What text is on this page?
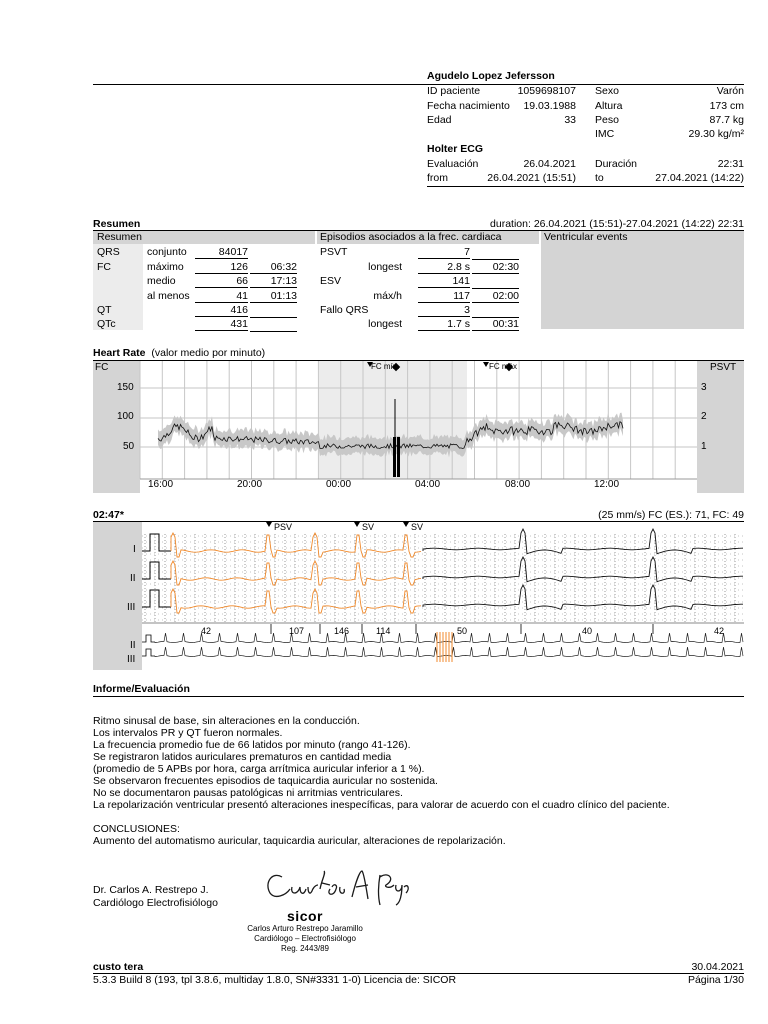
Agudelo Lopez Jefersson
ID paciente	1059698107 Sexo	Varón
Fecha nacimiento	19.03.1988 Altura	173 cm
Edad	33 Peso	87.7 kg
IMC	29.30 kg/m²
Holter ECG
Evaluación	26.04.2021 Duración	22:31
from	26.04.2021 (15:51) to	27.04.2021 (14:22)
Resumen	duration: 26.04.2021 (15:51)-27.04.2021 (14:22) 22:31
Resumen	Episodios asociados a la frec. cardiaca	Ventricular events
QRS	conjunto	84017
FC	máximo	126	06:32
medio	66	17:13
al menos	41	01:13
QT	416
QTc	431
PSVT	7
longest	2.8 s	02:30
ESV	141
máx/h	117	02:00
Fallo QRS	3
longest	1.7 s	00:31
Heart Rate (valor medio por minuto)
FC	PSVT
FC mín.	FC máx
150
100
50
3
2
1
16:00	20:00	00:00	04:00	08:00	12:00
02:47*	(25 mm/s) FC (ES.): 71, FC: 49
PSV	SV	SV
I
II
III
II
III
42	107	146	114	50	40	42
Informe/Evaluación

Ritmo sinusal de base, sin alteraciones en la conducción.

Los intervalos PR y QT fueron normales.

La frecuencia promedio fue de 66 latidos por minuto (rango 41-126).

Se registraron latidos auriculares prematuros en cantidad media

(promedio de 5 APBs por hora, carga arrítmica auricular inferior a 1 %).

Se observaron frecuentes episodios de taquicardia auricular no sostenida.

No se documentaron pausas patológicas ni arritmias ventriculares.

La repolarización ventricular presentó alteraciones inespecíficas, para valorar de acuerdo con el cuadro clínico del paciente.

CONCLUSIONES:

Aumento del automatismo auricular, taquicardia auricular, alteraciones de repolarización.

Dr. Carlos A. Restrepo J.
Cardiólogo Electrofisiólogo
sicor
Carlos Arturo Restrepo Jaramillo
Cardiólogo – Electrofisiólogo
Reg. 2443/89
custo tera	30.04.2021
5.3.3 Build 8 (193, tpl 3.8.6, multiday 1.8.0, SN#3331 1-0) Licencia de: SICOR	Página 1/30
